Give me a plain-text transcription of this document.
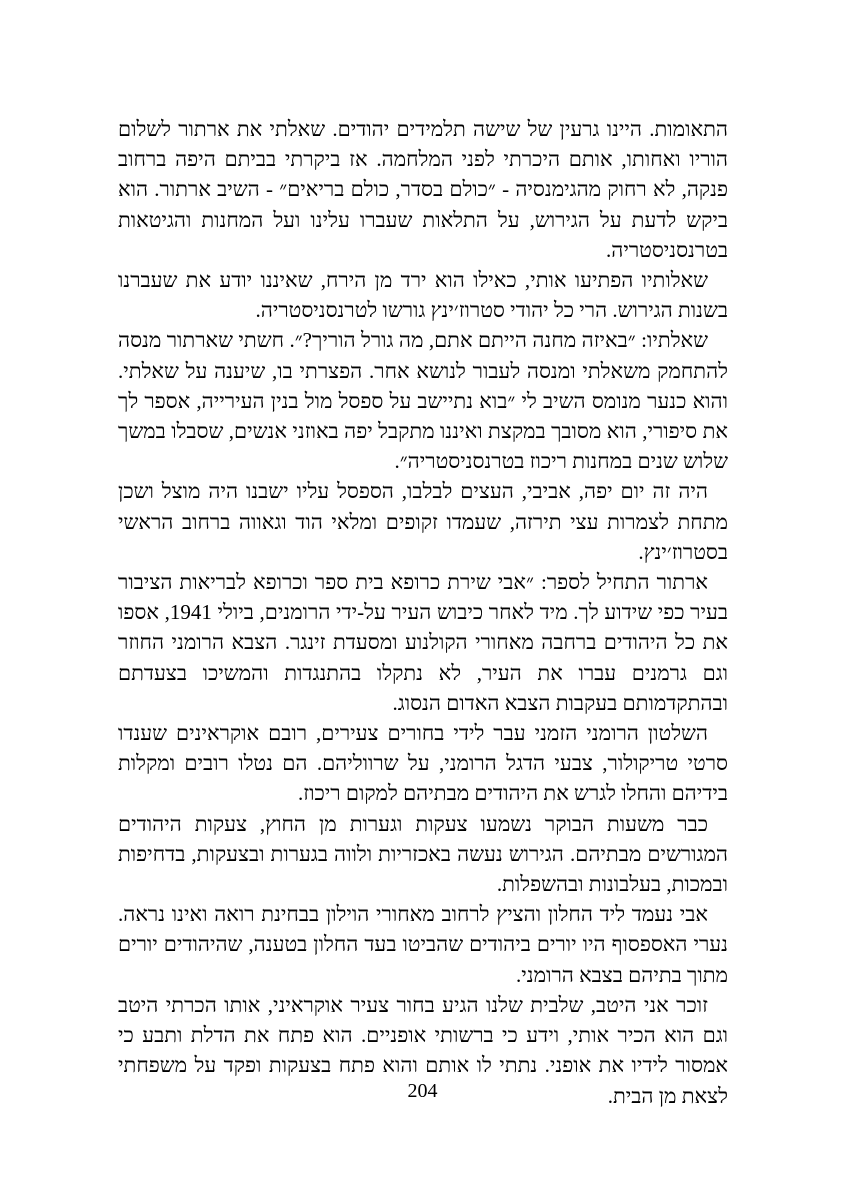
התאומות. היינו גרעין של שישה תלמידים יהודים. שאלתי את ארתור לשלום הוריו ואחותו, אותם היכרתי לפני המלחמה. אז ביקרתי בביתם היפה ברחוב פנקה, לא רחוק מהגימנסיה - ״כולם בסדר, כולם בריאים״ - השיב ארתור. הוא ביקש לדעת על הגירוש, על התלאות שעברו עלינו ועל המחנות והגיטאות בטרנסניסטריה.

שאלותיו הפתיעו אותי, כאילו הוא ירד מן הירח, שאיננו יודע את שעברנו בשנות הגירוש. הרי כל יהודי סטרוז׳ינץ גורשו לטרנסניסטריה.

שאלתיו: ״באיזה מחנה הייתם אתם, מה גורל הוריך?״. חשתי שארתור מנסה להתחמק משאלתי ומנסה לעבור לנושא אחר. הפצרתי בו, שיענה על שאלתי. והוא כנער מנומס השיב לי ״בוא נתיישב על ספסל מול בנין העירייה, אספר לך את סיפורי, הוא מסובך במקצת ואיננו מתקבל יפה באוזני אנשים, שסבלו במשך שלוש שנים במחנות ריכוז בטרנסניסטריה״.

היה זה יום יפה, אביבי, העצים לבלבו, הספסל עליו ישבנו היה מוצל ושכן מתחת לצמרות עצי תירזה, שעמדו זקופים ומלאי הוד וגאווה ברחוב הראשי בסטרוז׳ינץ.

ארתור התחיל לספר: ״אבי שירת כרופא בית ספר וכרופא לבריאות הציבור בעיר כפי שידוע לך. מיד לאחר כיבוש העיר על-ידי הרומנים, ביולי 1941, אספו את כל היהודים ברחבה מאחורי הקולנוע ומסעדת זינגר. הצבא הרומני החוזר וגם גרמנים עברו את העיר, לא נתקלו בהתנגדות והמשיכו בצעדתם ובהתקדמותם בעקבות הצבא האדום הנסוג.

השלטון הרומני הזמני עבר לידי בחורים צעירים, רובם אוקראינים שענדו סרטי טריקולור, צבעי הדגל הרומני, על שרווליהם. הם נטלו רובים ומקלות בידיהם והחלו לגרש את היהודים מבתיהם למקום ריכוז.

כבר משעות הבוקר נשמעו צעקות וגערות מן החוץ, צעקות היהודים המגורשים מבתיהם. הגירוש נעשה באכזריות ולווה בגערות ובצעקות, בדחיפות ובמכות, בעלבונות ובהשפלות.

אבי נעמד ליד החלון והציץ לרחוב מאחורי הוילון בבחינת רואה ואינו נראה. נערי האספסוף היו יורים ביהודים שהביטו בעד החלון בטענה, שהיהודים יורים מתוך בתיהם בצבא הרומני.

זוכר אני היטב, שלבית שלנו הגיע בחור צעיר אוקראיני, אותו הכרתי היטב וגם הוא הכיר אותי, וידע כי ברשותי אופניים. הוא פתח את הדלת ותבע כי אמסור לידיו את אופני. נתתי לו אותם והוא פתח בצעקות ופקד על משפחתי לצאת מן הבית.

204
